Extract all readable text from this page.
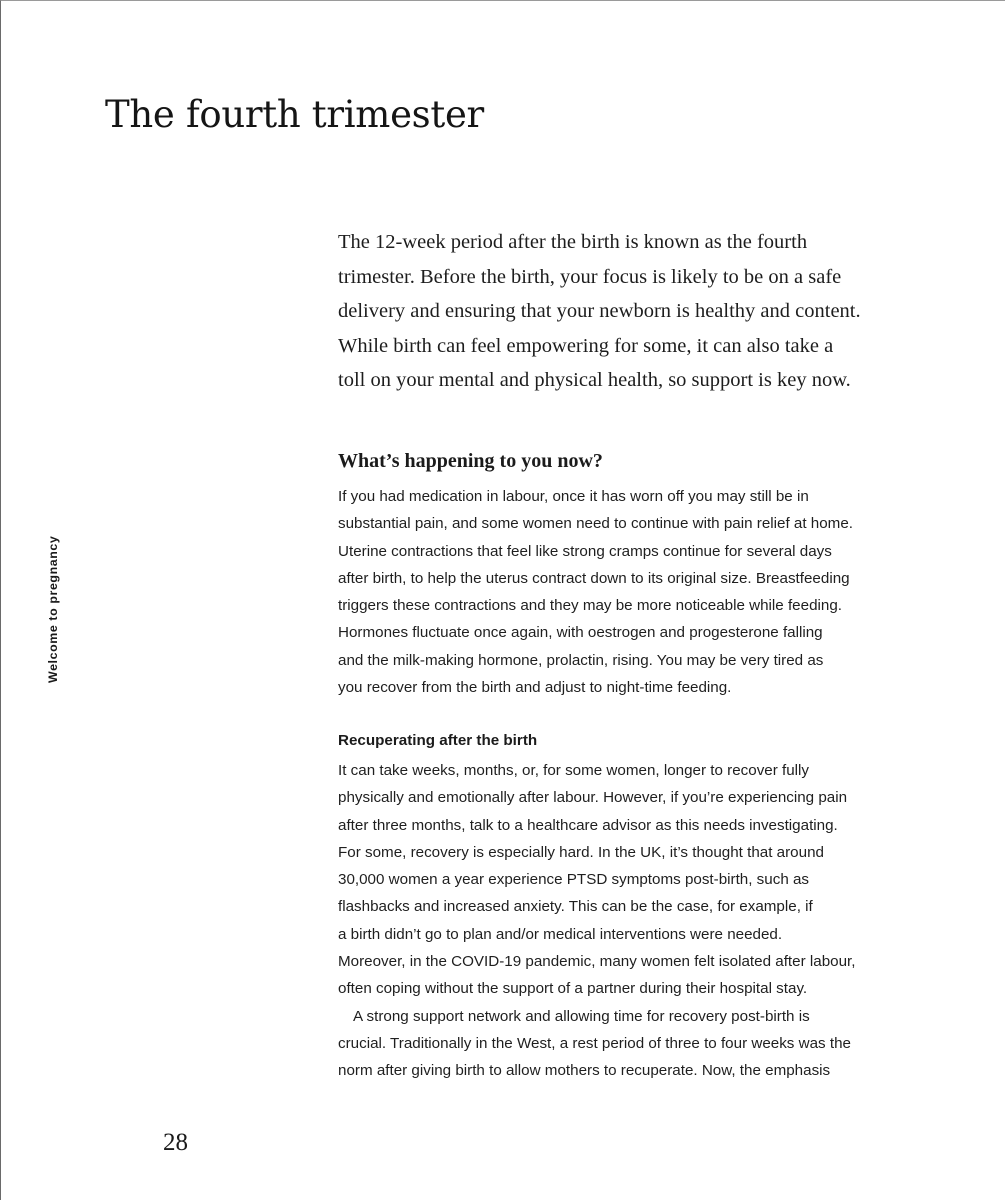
The fourth trimester
Welcome to pregnancy

The 12-week period after the birth is known as the fourth
trimester. Before the birth, your focus is likely to be on a safe
delivery and ensuring that your newborn is healthy and content.
While birth can feel empowering for some, it can also take a
toll on your mental and physical health, so support is key now.

What’s happening to you now?

If you had medication in labour, once it has worn off you may still be in
substantial pain, and some women need to continue with pain relief at home.
Uterine contractions that feel like strong cramps continue for several days
after birth, to help the uterus contract down to its original size. Breastfeeding
triggers these contractions and they may be more noticeable while feeding.
Hormones fluctuate once again, with oestrogen and progesterone falling
and the milk-making hormone, prolactin, rising. You may be very tired as
you recover from the birth and adjust to night-time feeding.

Recuperating after the birth

It can take weeks, months, or, for some women, longer to recover fully
physically and emotionally after labour. However, if you’re experiencing pain
after three months, talk to a healthcare advisor as this needs investigating.
For some, recovery is especially hard. In the UK, it’s thought that around
30,000 women a year experience PTSD symptoms post-birth, such as
flashbacks and increased anxiety. This can be the case, for example, if
a birth didn’t go to plan and/or medical interventions were needed.
Moreover, in the COVID-19 pandemic, many women felt isolated after labour,
often coping without the support of a partner during their hospital stay.
A strong support network and allowing time for recovery post-birth is
crucial. Traditionally in the West, a rest period of three to four weeks was the
norm after giving birth to allow mothers to recuperate. Now, the emphasis

28
